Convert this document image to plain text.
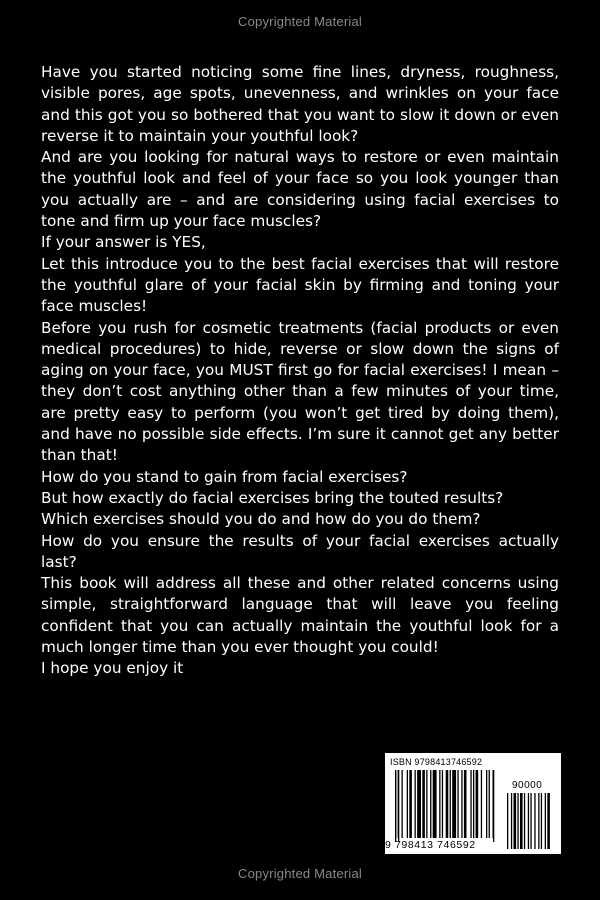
Copyrighted Material

Have you started noticing some fine lines, dryness, roughness, visible pores, age spots, unevenness, and wrinkles on your face and this got you so bothered that you want to slow it down or even reverse it to maintain your youthful look?

And are you looking for natural ways to restore or even maintain the youthful look and feel of your face so you look younger than you actually are – and are considering using facial exercises to tone and firm up your face muscles?

If your answer is YES,

Let this introduce you to the best facial exercises that will restore the youthful glare of your facial skin by firming and toning your face muscles!

Before you rush for cosmetic treatments (facial products or even medical procedures) to hide, reverse or slow down the signs of aging on your face, you MUST first go for facial exercises! I mean – they don’t cost anything other than a few minutes of your time, are pretty easy to perform (you won’t get tired by doing them), and have no possible side effects. I’m sure it cannot get any better than that!

How do you stand to gain from facial exercises?

But how exactly do facial exercises bring the touted results?

Which exercises should you do and how do you do them?

How do you ensure the results of your facial exercises actually last?

This book will address all these and other related concerns using simple, straightforward language that will leave you feeling confident that you can actually maintain the youthful look for a much longer time than you ever thought you could!

I hope you enjoy it

ISBN 9798413746592
90000
9 798413 746592
Copyrighted Material
